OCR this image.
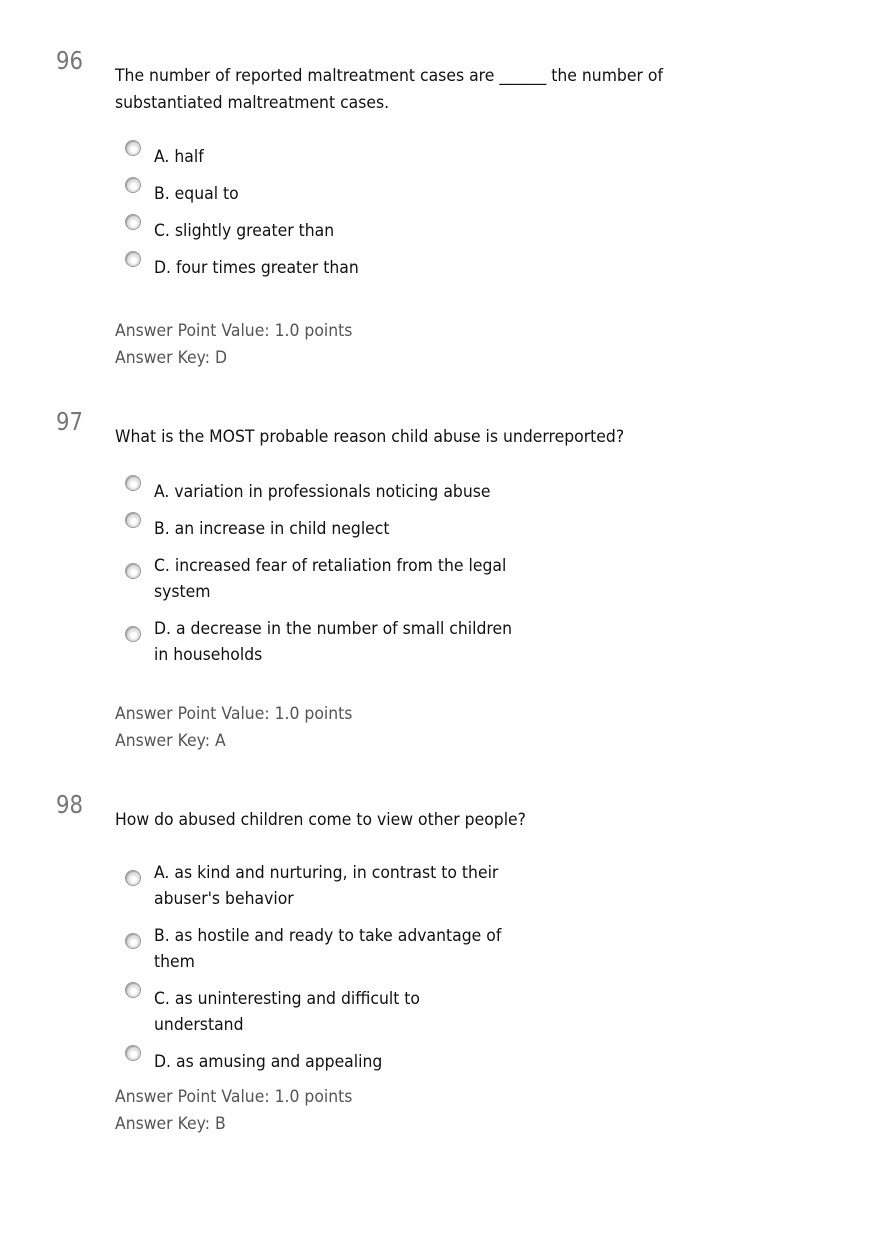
96
The number of reported maltreatment cases are ______ the number of substantiated maltreatment cases.
A. half
B. equal to
C. slightly greater than
D. four times greater than
Answer Point Value: 1.0 points
Answer Key: D
97
What is the MOST probable reason child abuse is underreported?
A. variation in professionals noticing abuse
B. an increase in child neglect
C. increased fear of retaliation from the legal system
D. a decrease in the number of small children in households
Answer Point Value: 1.0 points
Answer Key: A
98
How do abused children come to view other people?
A. as kind and nurturing, in contrast to their abuser's behavior
B. as hostile and ready to take advantage of them
C. as uninteresting and difficult to understand
D. as amusing and appealing
Answer Point Value: 1.0 points
Answer Key: B
